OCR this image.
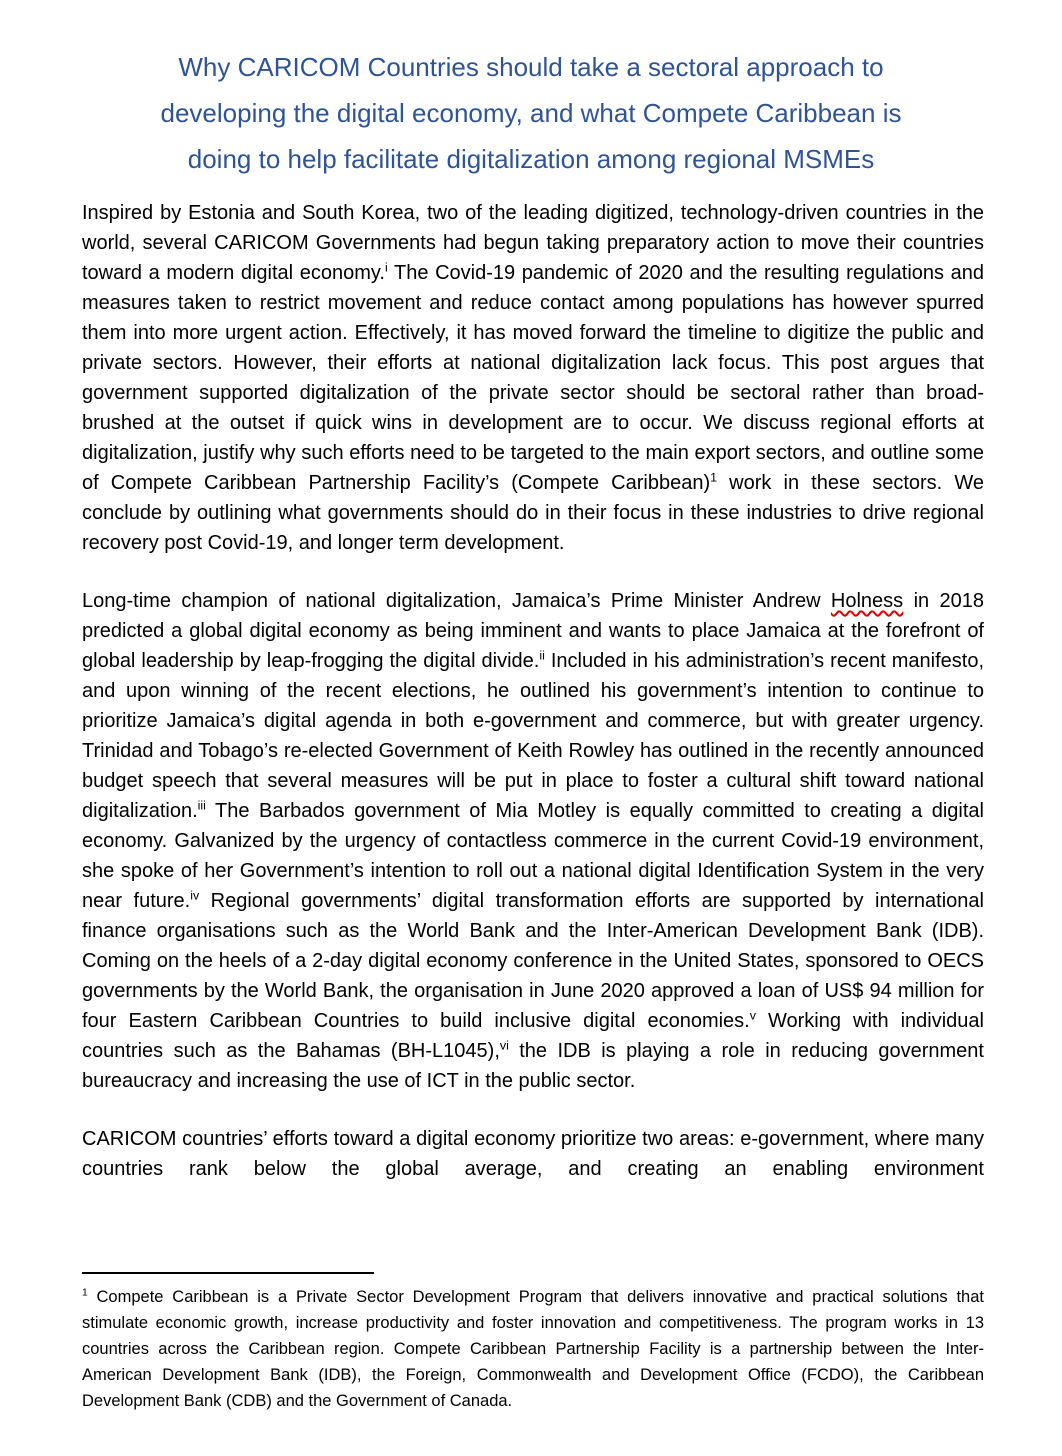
Why CARICOM Countries should take a sectoral approach to
developing the digital economy, and what Compete Caribbean is
doing to help facilitate digitalization among regional MSMEs

Inspired by Estonia and South Korea, two of the leading digitized, technology-driven countries in the world, several CARICOM Governments had begun taking preparatory action to move their countries toward a modern digital economy.$^i$ The Covid-19 pandemic of 2020 and the resulting regulations and measures taken to restrict movement and reduce contact among populations has however spurred them into more urgent action. Effectively, it has moved forward the timeline to digitize the public and private sectors. However, their efforts at national digitalization lack focus. This post argues that government supported digitalization of the private sector should be sectoral rather than broad-brushed at the outset if quick wins in development are to occur. We discuss regional efforts at digitalization, justify why such efforts need to be targeted to the main export sectors, and outline some of Compete Caribbean Partnership Facility’s (Compete Caribbean)$^1$ work in these sectors. We conclude by outlining what governments should do in their focus in these industries to drive regional recovery post Covid-19, and longer term development.

Long-time champion of national digitalization, Jamaica’s Prime Minister Andrew Holness in 2018 predicted a global digital economy as being imminent and wants to place Jamaica at the forefront of global leadership by leap-frogging the digital divide.$^{ii}$ Included in his administration’s recent manifesto, and upon winning of the recent elections, he outlined his government’s intention to continue to prioritize Jamaica’s digital agenda in both e-government and commerce, but with greater urgency. Trinidad and Tobago’s re-elected Government of Keith Rowley has outlined in the recently announced budget speech that several measures will be put in place to foster a cultural shift toward national digitalization.$^{iii}$ The Barbados government of Mia Motley is equally committed to creating a digital economy. Galvanized by the urgency of contactless commerce in the current Covid-19 environment, she spoke of her Government’s intention to roll out a national digital Identification System in the very near future.$^{iv}$ Regional governments’ digital transformation efforts are supported by international finance organisations such as the World Bank and the Inter-American Development Bank (IDB). Coming on the heels of a 2-day digital economy conference in the United States, sponsored to OECS governments by the World Bank, the organisation in June 2020 approved a loan of US$ 94 million for four Eastern Caribbean Countries to build inclusive digital economies.$^v$ Working with individual countries such as the Bahamas (BH-L1045),$^{vi}$ the IDB is playing a role in reducing government bureaucracy and increasing the use of ICT in the public sector.

CARICOM countries’ efforts toward a digital economy prioritize two areas: e-government, where many countries rank below the global average, and creating an enabling environment

$^1$ Compete Caribbean is a Private Sector Development Program that delivers innovative and practical solutions that stimulate economic growth, increase productivity and foster innovation and competitiveness. The program works in 13 countries across the Caribbean region. Compete Caribbean Partnership Facility is a partnership between the Inter-American Development Bank (IDB), the Foreign, Commonwealth and Development Office (FCDO), the Caribbean Development Bank (CDB) and the Government of Canada.
